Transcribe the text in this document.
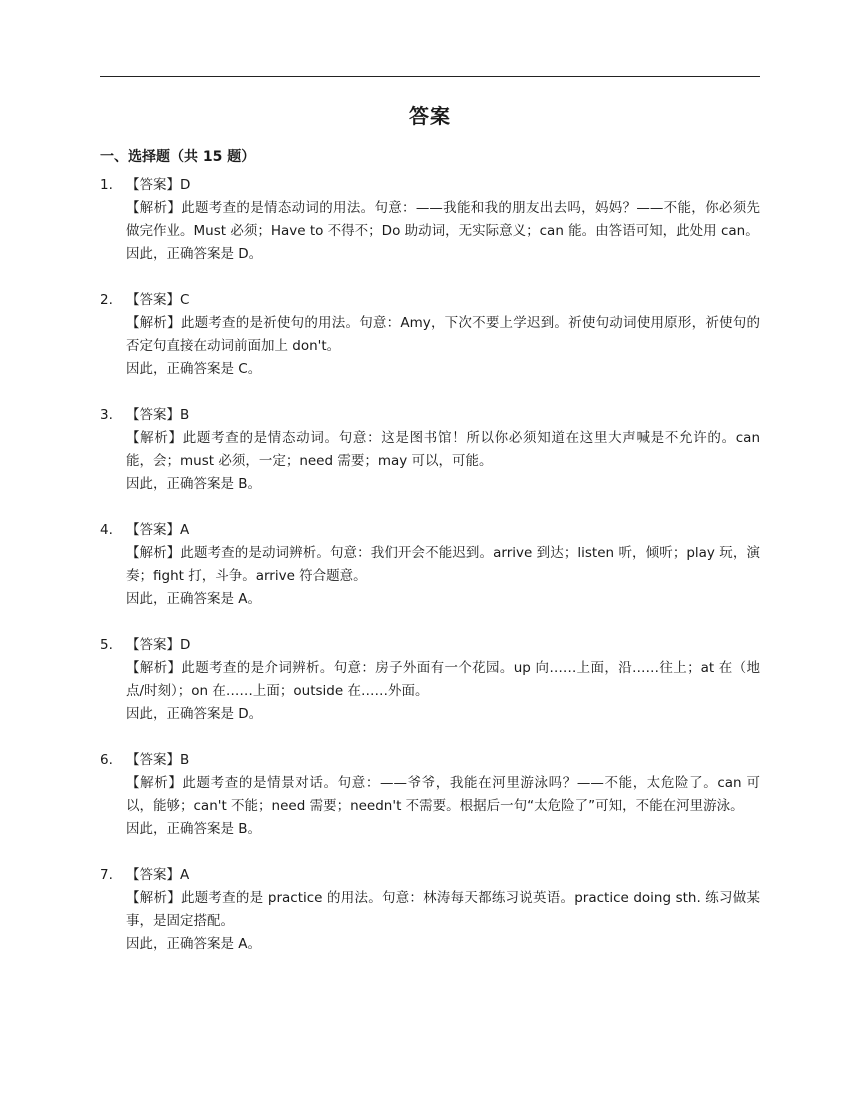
答案
一、选择题（共 15 题）
1. 【答案】D
【解析】此题考查的是情态动词的用法。句意：——我能和我的朋友出去吗，妈妈？——不能，你必须先做完作业。Must 必须；Have to 不得不；Do 助动词，无实际意义；can 能。由答语可知，此处用 can。
因此，正确答案是 D。
2. 【答案】C
【解析】此题考查的是祈使句的用法。句意：Amy，下次不要上学迟到。祈使句动词使用原形，祈使句的否定句直接在动词前面加上 don't。
因此，正确答案是 C。
3. 【答案】B
【解析】此题考查的是情态动词。句意：这是图书馆！所以你必须知道在这里大声喊是不允许的。can 能，会；must 必须，一定；need 需要；may 可以，可能。
因此，正确答案是 B。
4. 【答案】A
【解析】此题考查的是动词辨析。句意：我们开会不能迟到。arrive 到达；listen 听，倾听；play 玩，演奏；fight 打，斗争。arrive 符合题意。
因此，正确答案是 A。
5. 【答案】D
【解析】此题考查的是介词辨析。句意：房子外面有一个花园。up 向……上面，沿……往上；at 在（地点/时刻）；on 在……上面；outside 在……外面。
因此，正确答案是 D。
6. 【答案】B
【解析】此题考查的是情景对话。句意：——爷爷，我能在河里游泳吗？——不能，太危险了。can 可以，能够；can't 不能；need 需要；needn't 不需要。根据后一句“太危险了”可知，不能在河里游泳。
因此，正确答案是 B。
7. 【答案】A
【解析】此题考查的是 practice 的用法。句意：林涛每天都练习说英语。practice doing sth. 练习做某事，是固定搭配。
因此，正确答案是 A。
